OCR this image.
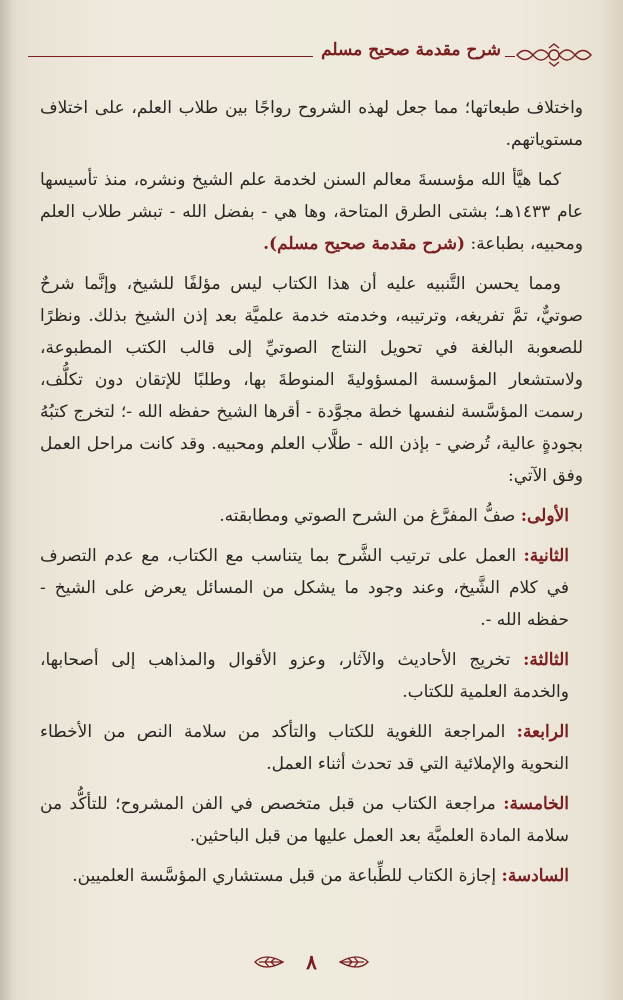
شرح مقدمة صحيح مسلم

واختلاف طبعاتها؛ مما جعل لهذه الشروح رواجًا بين طلاب العلم، على اختلاف مستوياتهم.

كما هيَّأ الله مؤسسةَ معالم السنن لخدمة علم الشيخ ونشره، منذ تأسيسها عام ١٤٣٣هـ؛ بشتى الطرق المتاحة، وها هي - بفضل الله - تبشر طلاب العلم ومحبيه، بطباعة: (شرح مقدمة صحيح مسلم).

ومما يحسن التَّنبيه عليه أن هذا الكتاب ليس مؤلفًا للشيخ، وإنَّما شرحٌ صوتيٌّ، تمَّ تفريغه، وترتيبه، وخدمته خدمة علميَّة بعد إذن الشيخ بذلك. ونظرًا للصعوبة البالغة في تحويل النتاج الصوتيِّ إلى قالب الكتب المطبوعة، ولاستشعار المؤسسة المسؤوليةَ المنوطةَ بها، وطلبًا للإتقان دون تكلُّف، رسمت المؤسَّسة لنفسها خطة مجوَّدة - أقرها الشيخ حفظه الله -؛ لتخرج كتبُهُ بجودةٍ عالية، تُرضي - بإذن الله - طلَّاب العلم ومحبيه. وقد كانت مراحل العمل وفق الآتي:

الأولى: صفُّ المفرَّغ من الشرح الصوتي ومطابقته.

الثانية: العمل على ترتيب الشَّرح بما يتناسب مع الكتاب، مع عدم التصرف في كلام الشَّيخ، وعند وجود ما يشكل من المسائل يعرض على الشيخ - حفظه الله -.

الثالثة: تخريج الأحاديث والآثار، وعزو الأقوال والمذاهب إلى أصحابها، والخدمة العلمية للكتاب.

الرابعة: المراجعة اللغوية للكتاب والتأكد من سلامة النص من الأخطاء النحوية والإملائية التي قد تحدث أثناء العمل.

الخامسة: مراجعة الكتاب من قبل متخصص في الفن المشروح؛ للتأكُّد من سلامة المادة العلميَّة بعد العمل عليها من قبل الباحثين.

السادسة: إجازة الكتاب للطِّباعة من قبل مستشاري المؤسَّسة العلميين.

٨
